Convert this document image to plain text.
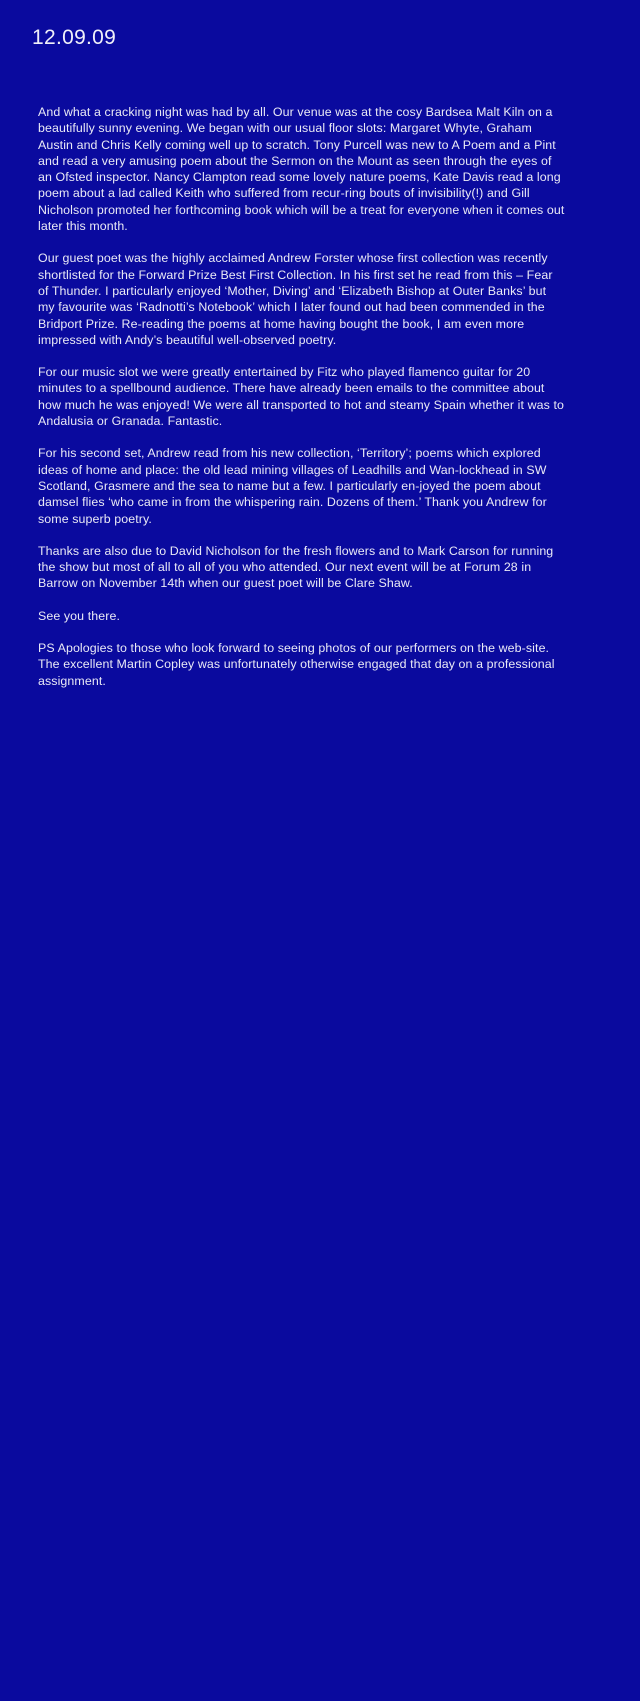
12.09.09

And what a cracking night was had by all. Our venue was at the cosy Bardsea Malt Kiln on a beautifully sunny evening. We began with our usual floor slots: Margaret Whyte, Graham Austin and Chris Kelly coming well up to scratch. Tony Purcell was new to A Poem and a Pint and read a very amusing poem about the Sermon on the Mount as seen through the eyes of an Ofsted inspector. Nancy Clampton read some lovely nature poems, Kate Davis read a long poem about a lad called Keith who suffered from recur-ring bouts of invisibility(!) and Gill Nicholson promoted her forthcoming book which will be a treat for everyone when it comes out later this month.

Our guest poet was the highly acclaimed Andrew Forster whose first collection was recently shortlisted for the Forward Prize Best First Collection. In his first set he read from this – Fear of Thunder. I particularly enjoyed ‘Mother, Diving’ and ‘Elizabeth Bishop at Outer Banks’ but my favourite was ‘Radnotti’s Notebook’ which I later found out had been commended in the Bridport Prize. Re-reading the poems at home having bought the book, I am even more impressed with Andy’s beautiful well-observed poetry.

For our music slot we were greatly entertained by Fitz who played flamenco guitar for 20 minutes to a spellbound audience. There have already been emails to the committee about how much he was enjoyed! We were all transported to hot and steamy Spain whether it was to Andalusia or Granada. Fantastic.

For his second set, Andrew read from his new collection, ‘Territory’; poems which explored ideas of home and place: the old lead mining villages of Leadhills and Wan-lockhead in SW Scotland, Grasmere and the sea to name but a few. I particularly en-joyed the poem about damsel flies ‘who came in from the whispering rain. Dozens of them.’ Thank you Andrew for some superb poetry.

Thanks are also due to David Nicholson for the fresh flowers and to Mark Carson for running the show but most of all to all of you who attended. Our next event will be at Forum 28 in Barrow on November 14th when our guest poet will be Clare Shaw.

See you there.

PS Apologies to those who look forward to seeing photos of our performers on the web-site. The excellent Martin Copley was unfortunately otherwise engaged that day on a professional assignment.
